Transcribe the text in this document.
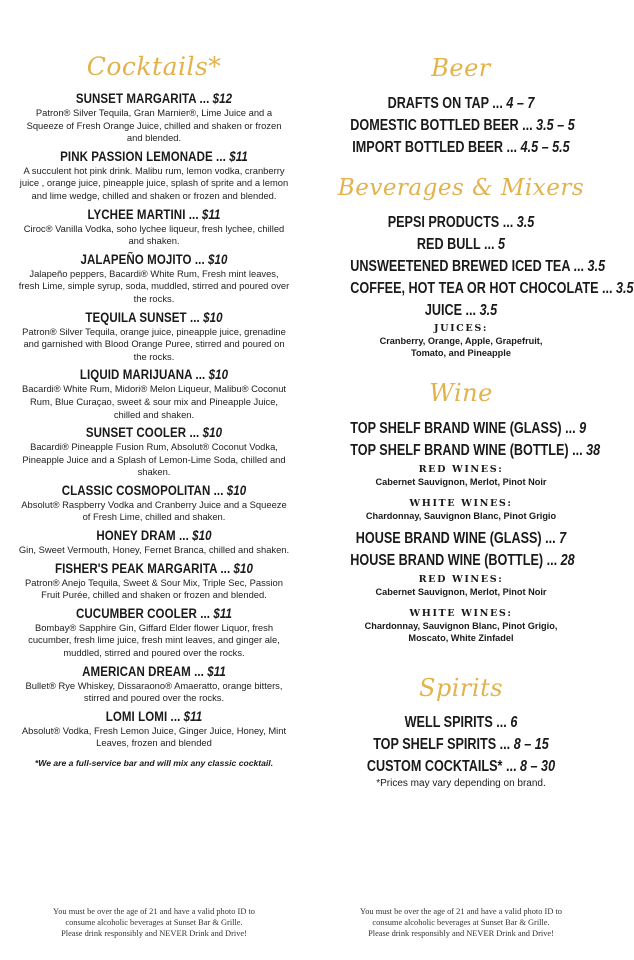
Cocktails*
SUNSET MARGARITA ... $12
Patron® Silver Tequila, Gran Marnier®, Lime Juice and a Squeeze of Fresh Orange Juice, chilled and shaken or frozen and blended.
PINK PASSION LEMONADE ... $11
A succulent hot pink drink. Malibu rum, lemon vodka, cranberry juice , orange juice, pineapple juice, splash of sprite and a lemon and lime wedge, chilled and shaken or frozen and blended.
LYCHEE MARTINI ... $11
Ciroc® Vanilla Vodka, soho lychee liqueur, fresh lychee, chilled and shaken.
JALAPEÑO MOJITO ... $10
Jalapeño peppers, Bacardi® White Rum, Fresh mint leaves, fresh Lime, simple syrup, soda, muddled, stirred and poured over the rocks.
TEQUILA SUNSET ... $10
Patron® Silver Tequila, orange juice, pineapple juice, grenadine and garnished with Blood Orange Puree, stirred and poured on the rocks.
LIQUID MARIJUANA ... $10
Bacardi® White Rum, Midori® Melon Liqueur, Malibu® Coconut Rum, Blue Curaçao, sweet & sour mix and Pineapple Juice, chilled and shaken.
SUNSET COOLER ... $10
Bacardi® Pineapple Fusion Rum, Absolut® Coconut Vodka, Pineapple Juice and a Splash of Lemon-Lime Soda, chilled and shaken.
CLASSIC COSMOPOLITAN ... $10
Absolut® Raspberry Vodka and Cranberry Juice and a Squeeze of Fresh Lime, chilled and shaken.
HONEY DRAM ... $10
Gin, Sweet Vermouth, Honey, Fernet Branca, chilled and shaken.
FISHER'S PEAK MARGARITA ... $10
Patron® Anejo Tequila, Sweet & Sour Mix, Triple Sec, Passion Fruit Purée, chilled and shaken or frozen and blended.
CUCUMBER COOLER ... $11
Bombay® Sapphire Gin, Giffard Elder flower Liquor, fresh cucumber, fresh lime juice, fresh mint leaves, and ginger ale, muddled, stirred and poured over the rocks.
AMERICAN DREAM ... $11
Bullet® Rye Whiskey, Dissaraono® Amaeratto, orange bitters, stirred and poured over the rocks.
LOMI LOMI ... $11
Absolut® Vodka, Fresh Lemon Juice, Ginger Juice, Honey, Mint Leaves, frozen and blended
*We are a full-service bar and will mix any classic cocktail.
Beer
DRAFTS ON TAP ... 4 – 7
DOMESTIC BOTTLED BEER ... 3.5 – 5
IMPORT BOTTLED BEER ... 4.5 – 5.5
Beverages & Mixers
PEPSI PRODUCTS ... 3.5
RED BULL ... 5
UNSWEETENED BREWED ICED TEA ... 3.5
COFFEE, HOT TEA OR HOT CHOCOLATE ... 3.5
JUICE ... 3.5
JUICES:
Cranberry, Orange, Apple, Grapefruit,
Tomato, and Pineapple
Wine
TOP SHELF BRAND WINE (GLASS) ... 9
TOP SHELF BRAND WINE (BOTTLE) ... 38
RED WINES:
Cabernet Sauvignon, Merlot, Pinot Noir
WHITE WINES:
Chardonnay, Sauvignon Blanc, Pinot Grigio
HOUSE BRAND WINE (GLASS) ... 7
HOUSE BRAND WINE (BOTTLE) ... 28
RED WINES:
Cabernet Sauvignon, Merlot, Pinot Noir
WHITE WINES:
Chardonnay, Sauvignon Blanc, Pinot Grigio,
Moscato, White Zinfadel
Spirits
WELL SPIRITS ... 6
TOP SHELF SPIRITS ... 8 – 15
CUSTOM COCKTAILS* ... 8 – 30
*Prices may vary depending on brand.
You must be over the age of 21 and have a valid photo ID to
consume alcoholic beverages at Sunset Bar & Grille.
Please drink responsibly and NEVER Drink and Drive!
You must be over the age of 21 and have a valid photo ID to
consume alcoholic beverages at Sunset Bar & Grille.
Please drink responsibly and NEVER Drink and Drive!
